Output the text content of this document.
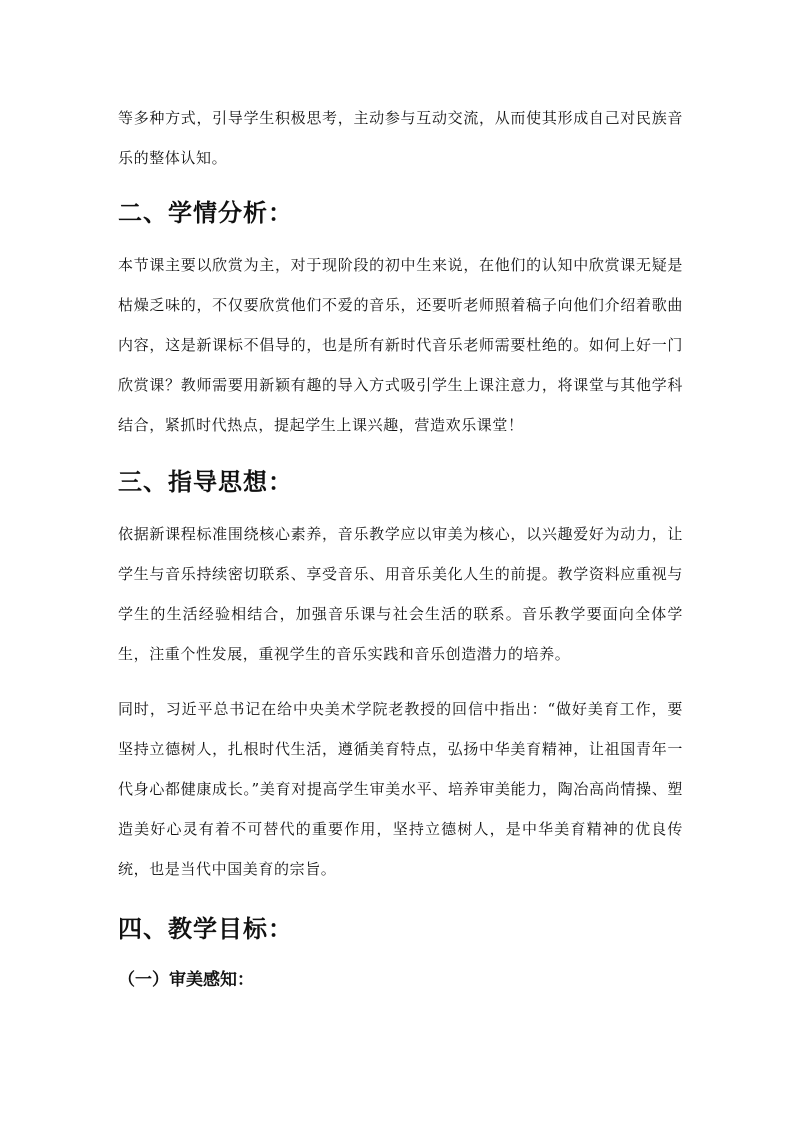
等多种方式，引导学生积极思考，主动参与互动交流，从而使其形成自己对民族音乐的整体认知。

二、学情分析：

本节课主要以欣赏为主，对于现阶段的初中生来说，在他们的认知中欣赏课无疑是枯燥乏味的，不仅要欣赏他们不爱的音乐，还要听老师照着稿子向他们介绍着歌曲内容，这是新课标不倡导的，也是所有新时代音乐老师需要杜绝的。如何上好一门欣赏课？教师需要用新颖有趣的导入方式吸引学生上课注意力，将课堂与其他学科结合，紧抓时代热点，提起学生上课兴趣，营造欢乐课堂！

三、指导思想：

依据新课程标准围绕核心素养，音乐教学应以审美为核心，以兴趣爱好为动力，让学生与音乐持续密切联系、享受音乐、用音乐美化人生的前提。教学资料应重视与学生的生活经验相结合，加强音乐课与社会生活的联系。音乐教学要面向全体学生，注重个性发展，重视学生的音乐实践和音乐创造潜力的培养。

同时，习近平总书记在给中央美术学院老教授的回信中指出：“做好美育工作，要坚持立德树人，扎根时代生活，遵循美育特点，弘扬中华美育精神，让祖国青年一代身心都健康成长。”美育对提高学生审美水平、培养审美能力，陶冶高尚情操、塑造美好心灵有着不可替代的重要作用，坚持立德树人，是中华美育精神的优良传统，也是当代中国美育的宗旨。

四、教学目标：
（一）审美感知：
